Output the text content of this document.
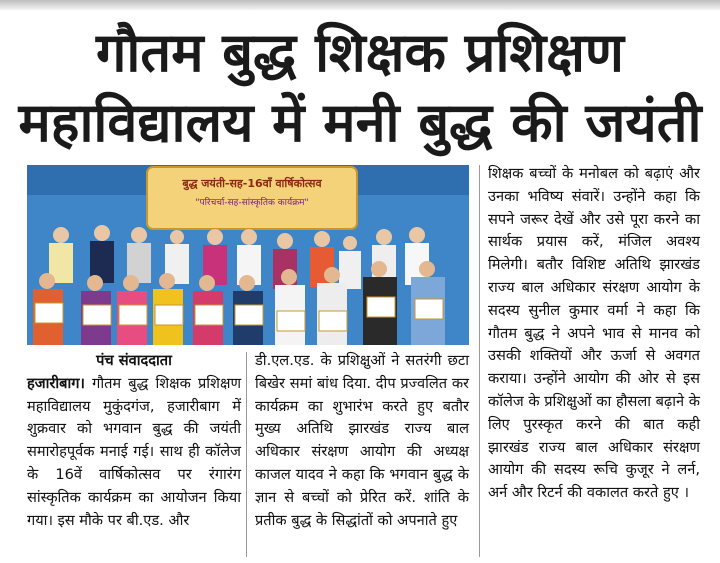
गौतम बुद्ध शिक्षक प्रशिक्षण
महाविद्यालय में मनी बुद्ध की जयंती
बुद्ध जयंती-सह-16वाँ वार्षिकोत्सव
"परिचर्चा-सह-सांस्कृतिक कार्यक्रम"

पंच संवाददाता

हजारीबाग। गौतम बुद्ध शिक्षक प्रशिक्षण महाविद्यालय मुकुंदगंज, हजारीबाग में शुक्रवार को भगवान बुद्ध की जयंती समारोहपूर्वक मनाई गई। साथ ही कॉलेज के 16वें वार्षिकोत्सव पर रंगारंग सांस्कृतिक कार्यक्रम का आयोजन किया गया। इस मौके पर बी.एड. और

डी.एल.एड. के प्रशिक्षुओं ने सतरंगी छटा बिखेर समां बांध दिया. दीप प्रज्वलित कर कार्यक्रम का शुभारंभ करते हुए बतौर मुख्य अतिथि झारखंड राज्य बाल अधिकार संरक्षण आयोग की अध्यक्ष काजल यादव ने कहा कि भगवान बुद्ध के ज्ञान से बच्चों को प्रेरित करें. शांति के प्रतीक बुद्ध के सिद्धांतों को अपनाते हुए

शिक्षक बच्चों के मनोबल को बढ़ाएं और उनका भविष्य संवारें। उन्होंने कहा कि सपने जरूर देखें और उसे पूरा करने का सार्थक प्रयास करें, मंजिल अवश्य मिलेगी। बतौर विशिष्ट अतिथि झारखंड राज्य बाल अधिकार संरक्षण आयोग के सदस्य सुनील कुमार वर्मा ने कहा कि गौतम बुद्ध ने अपने भाव से मानव को उसकी शक्तियों और ऊर्जा से अवगत कराया। उन्होंने आयोग की ओर से इस कॉलेज के प्रशिक्षुओं का हौसला बढ़ाने के लिए पुरस्कृत करने की बात कही झारखंड राज्य बाल अधिकार संरक्षण आयोग की सदस्य रूचि कुजूर ने लर्न, अर्न और रिटर्न की वकालत करते हुए ।
